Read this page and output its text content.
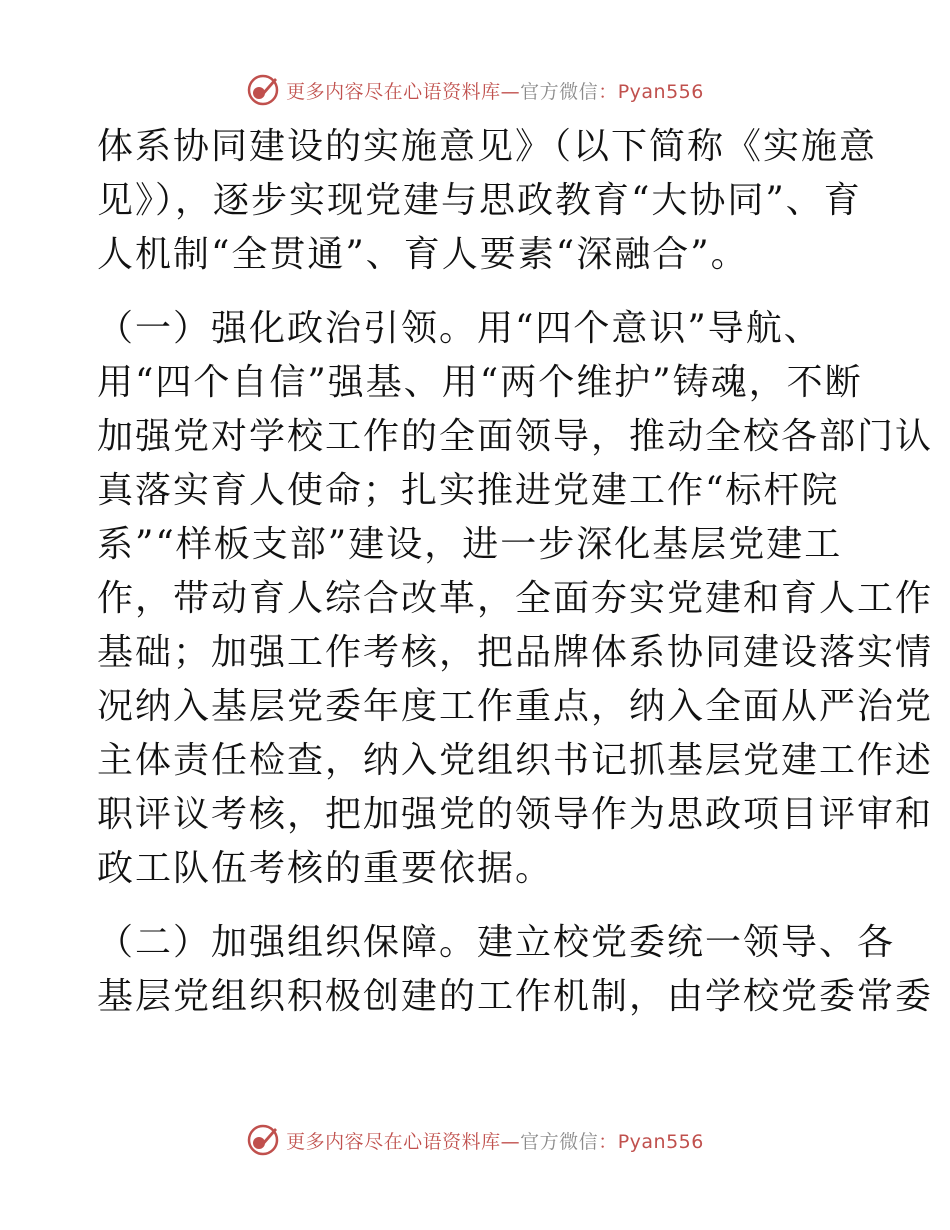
更多内容尽在心语资料库—官方微信：Pyan556
体系协同建设的实施意见》（以下简称《实施意
见》），逐步实现党建与思政教育“大协同”、育
人机制“全贯通”、育人要素“深融合”。
（一）强化政治引领。用“四个意识”导航、
用“四个自信”强基、用“两个维护”铸魂，不断
加强党对学校工作的全面领导，推动全校各部门认
真落实育人使命；扎实推进党建工作“标杆院
系”“样板支部”建设，进一步深化基层党建工
作，带动育人综合改革，全面夯实党建和育人工作
基础；加强工作考核，把品牌体系协同建设落实情
况纳入基层党委年度工作重点，纳入全面从严治党
主体责任检查，纳入党组织书记抓基层党建工作述
职评议考核，把加强党的领导作为思政项目评审和
政工队伍考核的重要依据。
（二）加强组织保障。建立校党委统一领导、各
基层党组织积极创建的工作机制，由学校党委常委
更多内容尽在心语资料库—官方微信：Pyan556
